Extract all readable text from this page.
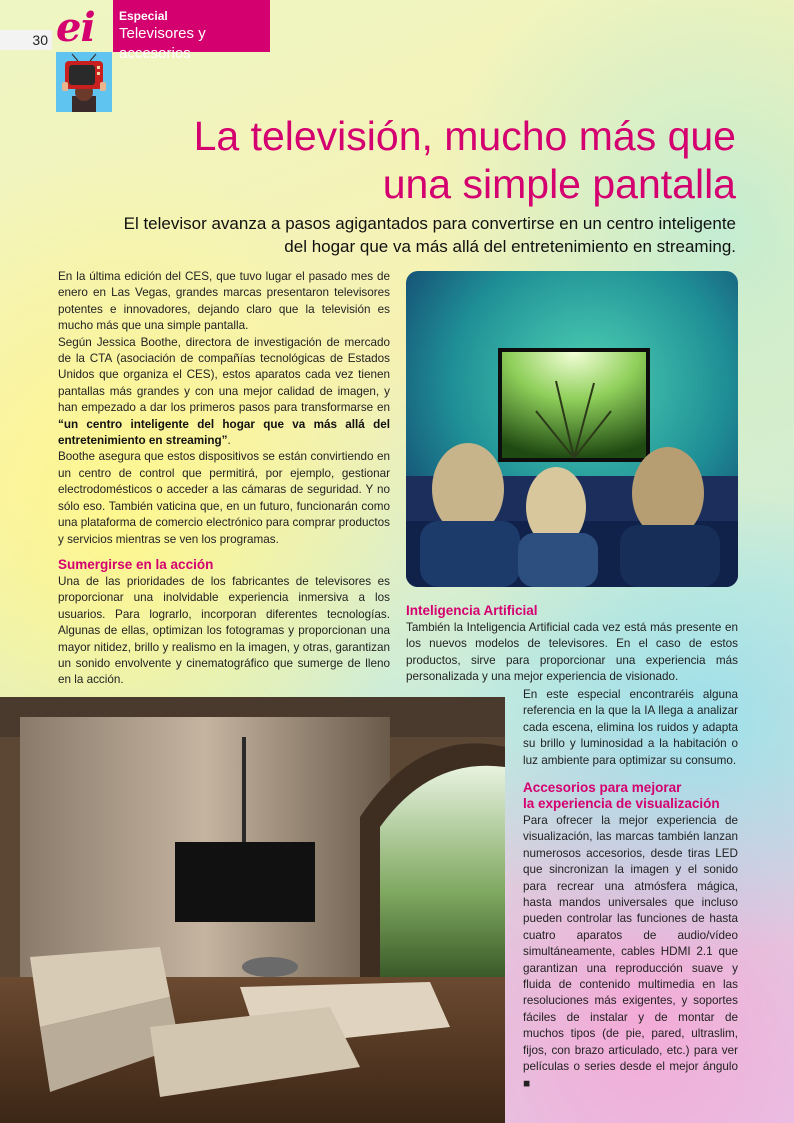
30 ei Especial
Televisores y accesorios
La televisión, mucho más que
una simple pantalla
El televisor avanza a pasos agigantados para convertirse en un centro inteligente
del hogar que va más allá del entretenimiento en streaming.

En la última edición del CES, que tuvo lugar el pasado mes de enero en Las Vegas, grandes marcas presentaron televisores potentes e innovadores, dejando claro que la televisión es mucho más que una simple pantalla.

Según Jessica Boothe, directora de investigación de mercado de la CTA (asociación de compañías tecnológicas de Estados Unidos que organiza el CES), estos aparatos cada vez tienen pantallas más grandes y con una mejor calidad de imagen, y han empezado a dar los primeros pasos para transformarse en “un centro inteligente del hogar que va más allá del entretenimiento en streaming”.

Boothe asegura que estos dispositivos se están convirtiendo en un centro de control que permitirá, por ejemplo, gestionar electrodomésticos o acceder a las cámaras de seguridad. Y no sólo eso. También vaticina que, en un futuro, funcionarán como una plataforma de comercio electrónico para comprar productos y servicios mientras se ven los programas.

Sumergirse en la acción
Una de las prioridades de los fabricantes de televisores es proporcionar una inolvidable experiencia inmersiva a los usuarios. Para lograrlo, incorporan diferentes tecnologías. Algunas de ellas, optimizan los fotogramas y proporcionan una mayor nitidez, brillo y realismo en la imagen, y otras, garantizan un sonido envolvente y cinematográfico que sumerge de lleno en la acción.
Inteligencia Artificial
También la Inteligencia Artificial cada vez está más presente en los nuevos modelos de televisores. En el caso de estos productos, sirve para proporcionar una experiencia más personalizada y una mejor experiencia de visionado.
En este especial encontraréis alguna referencia en la que la IA llega a analizar cada escena, elimina los ruidos y adapta su brillo y luminosidad a la habitación o luz ambiente para optimizar su consumo.
Accesorios para mejorar
la experiencia de visualización
Para ofrecer la mejor experiencia de visualización, las marcas también lanzan numerosos accesorios, desde tiras LED que sincronizan la imagen y el sonido para recrear una atmósfera mágica, hasta mandos universales que incluso pueden controlar las funciones de hasta cuatro aparatos de audio/vídeo simultáneamente, cables HDMI 2.1 que garantizan una reproducción suave y fluida de contenido multimedia en las resoluciones más exigentes, y soportes fáciles de instalar y de montar de muchos tipos (de pie, pared, ultraslim, fijos, con brazo articulado, etc.) para ver películas o series desde el mejor ángulo ■
